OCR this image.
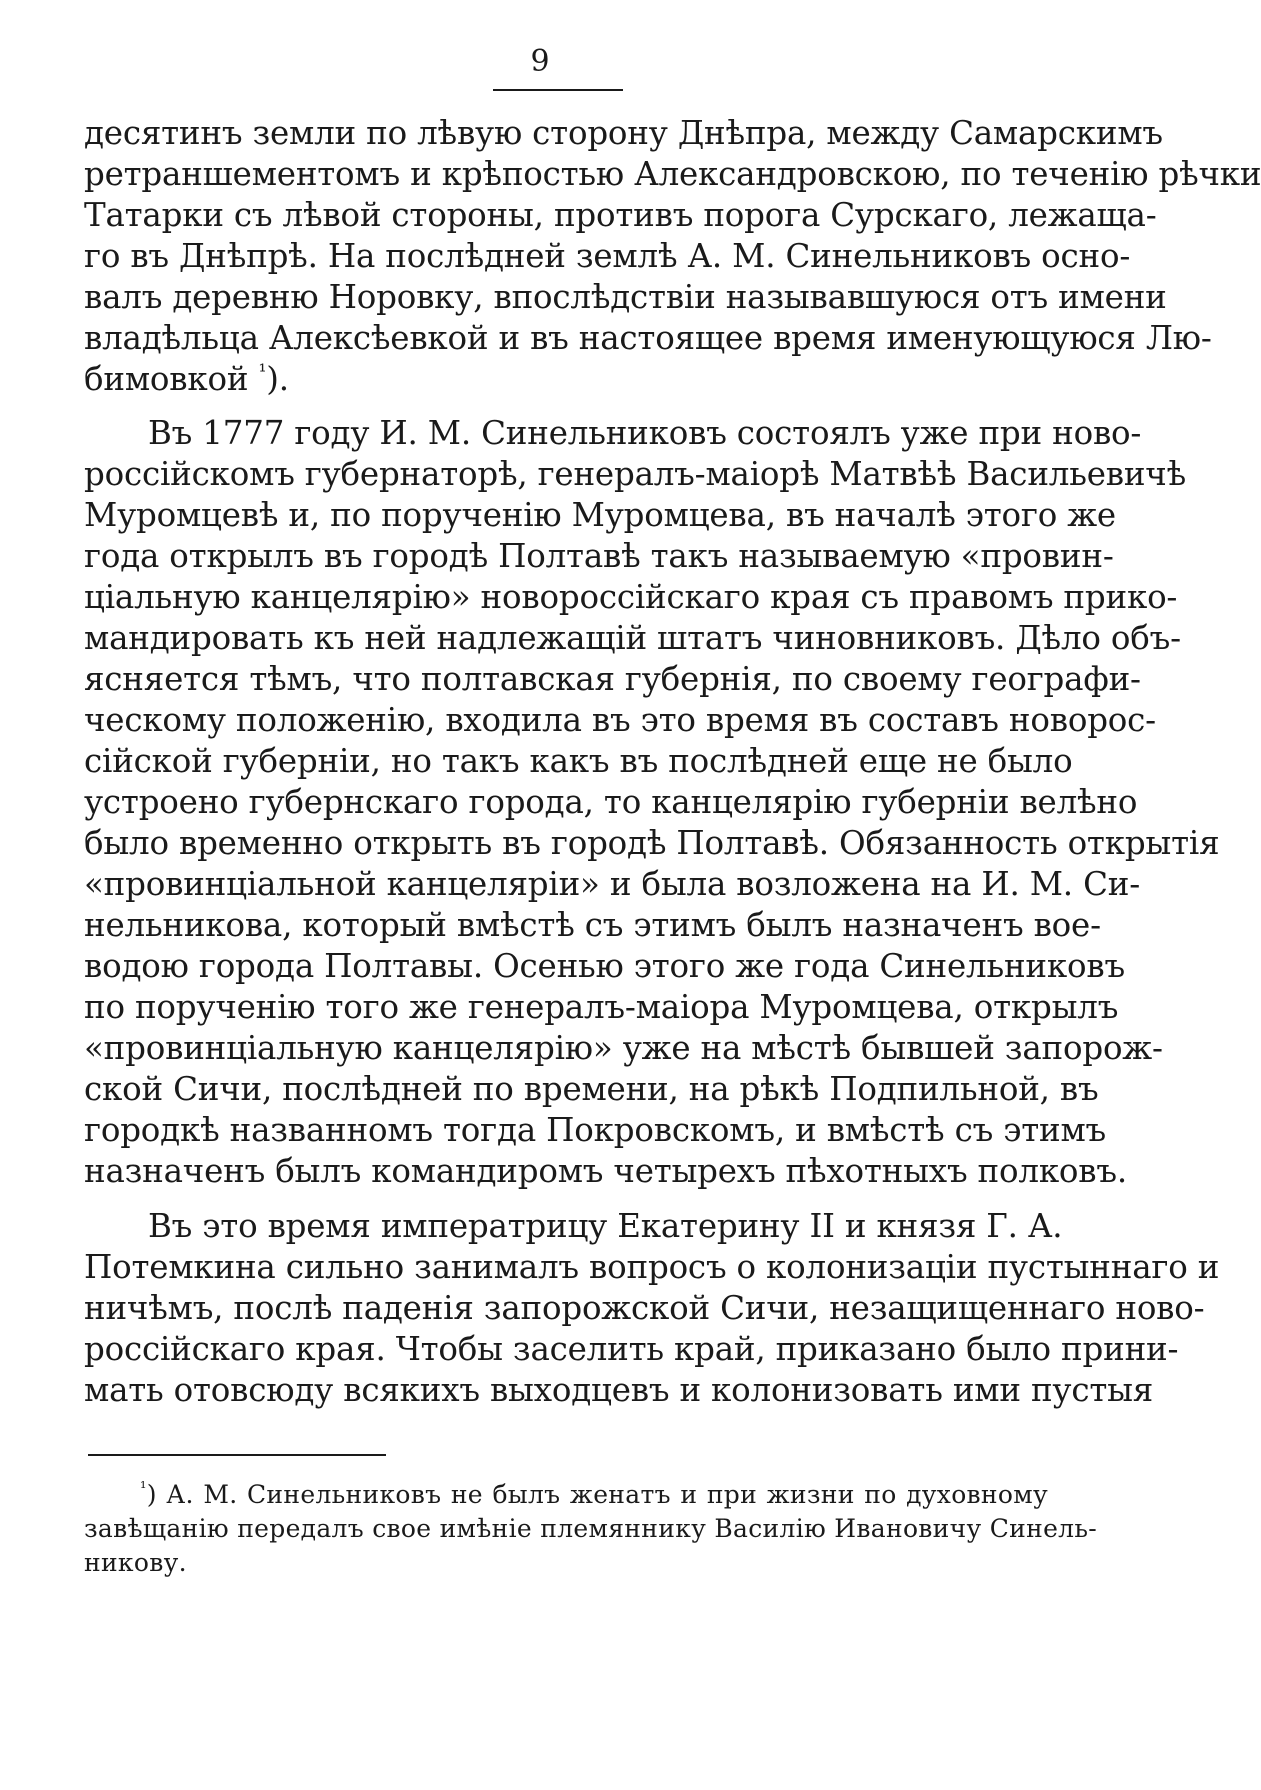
9
десятинъ земли по лѣвую сторону Днѣпра, между Самарскимъ
ретраншементомъ и крѣпостью Александровскою, по теченію рѣчки
Татарки съ лѣвой стороны, противъ порога Сурскаго, лежаща-
го въ Днѣпрѣ. На послѣдней землѣ А. М. Синельниковъ осно-
валъ деревню Норовку, впослѣдствіи называвшуюся отъ имени
владѣльца Алексѣевкой и въ настоящее время именующуюся Лю-
бимовкой $^{^1}$).
Въ 1777 году И. М. Синельниковъ состоялъ уже при ново-
россійскомъ губернаторѣ, генералъ-маіорѣ Матвѣѣ Васильевичѣ
Муромцевѣ и, по порученію Муромцева, въ началѣ этого же
года открылъ въ городѣ Полтавѣ такъ называемую «провин-
ціальную канцелярію» новороссійскаго края съ правомъ прико-
мандировать къ ней надлежащій штатъ чиновниковъ. Дѣло объ-
ясняется тѣмъ, что полтавская губернія, по своему географи-
ческому положенію, входила въ это время въ составъ новорос-
сійской губерніи, но такъ какъ въ послѣдней еще не было
устроено губернскаго города, то канцелярію губерніи велѣно
было временно открыть въ городѣ Полтавѣ. Обязанность открытія
«провинціальной канцеляріи» и была возложена на И. М. Си-
нельникова, который вмѣстѣ съ этимъ былъ назначенъ вое-
водою города Полтавы. Осенью этого же года Синельниковъ
по порученію того же генералъ-маіора Муромцева, открылъ
«провинціальную канцелярію» уже на мѣстѣ бывшей запорож-
ской Сичи, послѣдней по времени, на рѣкѣ Подпильной, въ
городкѣ названномъ тогда Покровскомъ, и вмѣстѣ съ этимъ
назначенъ былъ командиромъ четырехъ пѣхотныхъ полковъ.
Въ это время императрицу Екатерину II и князя Г. А.
Потемкина сильно занималъ вопросъ о колонизаціи пустыннаго и
ничѣмъ, послѣ паденія запорожской Сичи, незащищеннаго ново-
россійскаго края. Чтобы заселить край, приказано было прини-
мать отовсюду всякихъ выходцевъ и колонизовать ими пустыя
$^{^1}$) А. М. Синельниковъ не былъ женатъ и при жизни по духовному
завѣщанію передалъ свое имѣніе племяннику Василію Ивановичу Синель-
никову.
